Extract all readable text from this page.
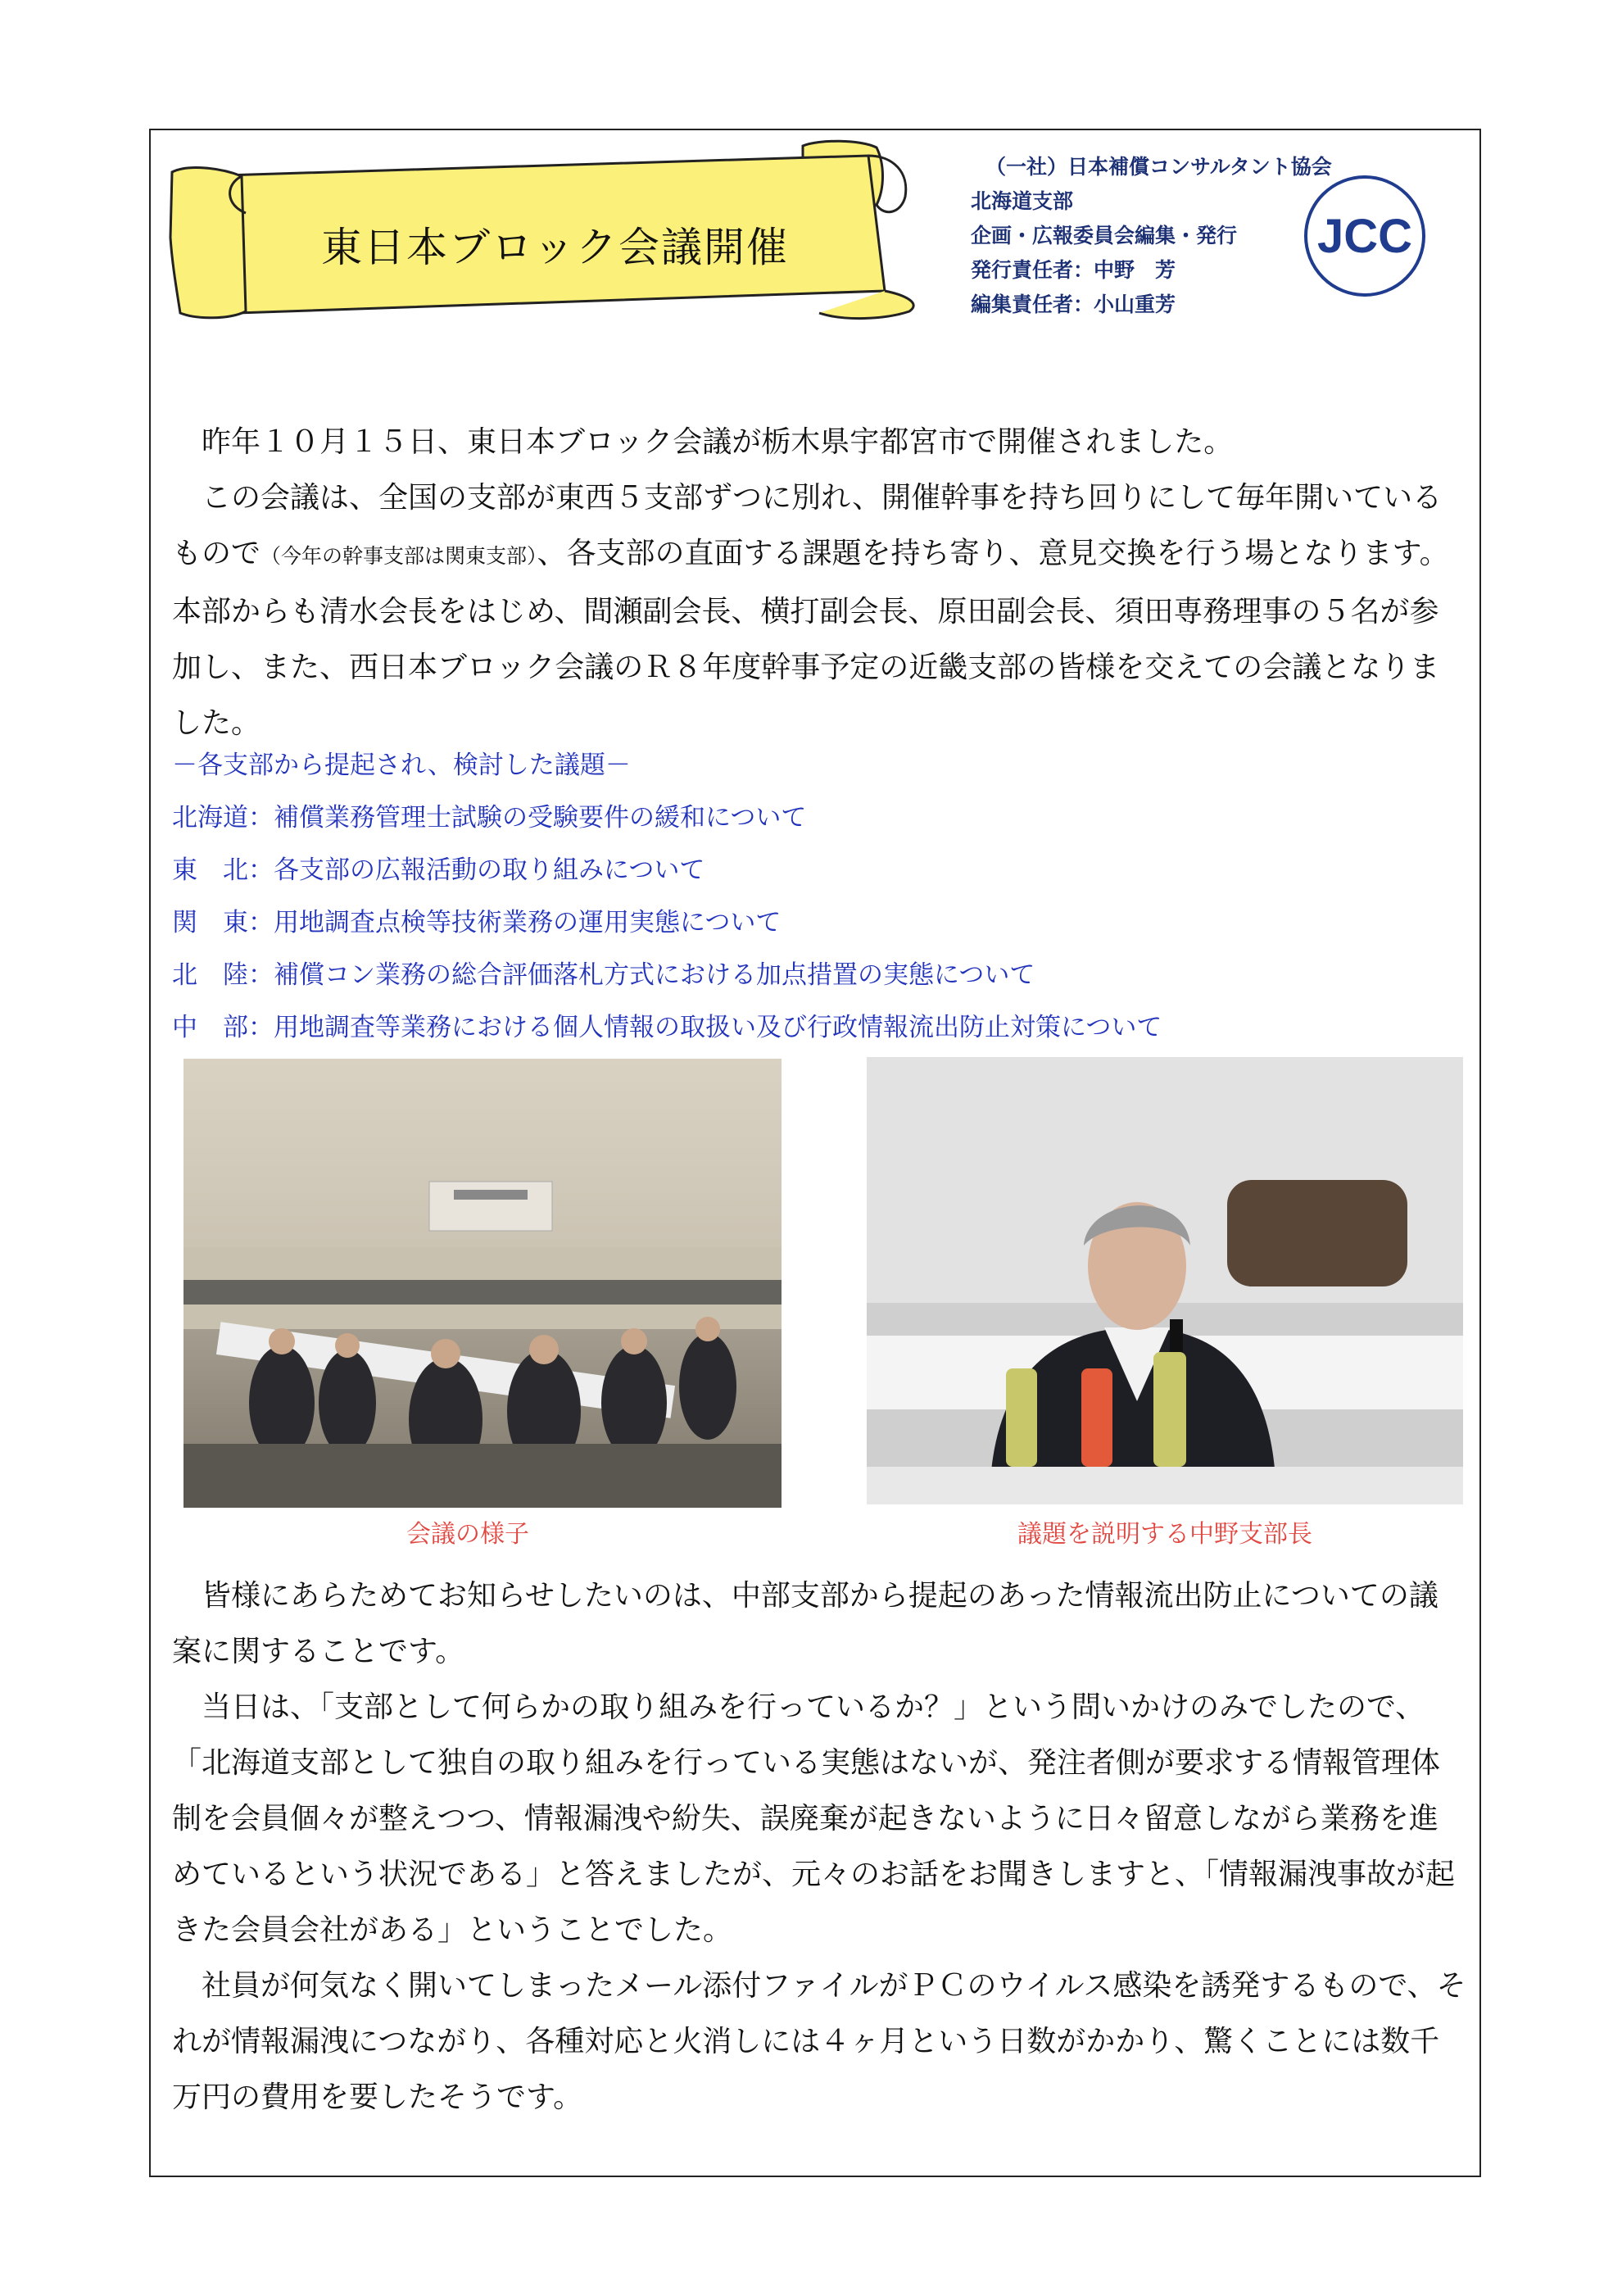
東日本ブロック会議開催
（一社）日本補償コンサルタント協会
北海道支部
企画・広報委員会編集・発行
発行責任者：中野　芳
編集責任者：小山重芳
JCC

昨年１０月１５日、東日本ブロック会議が栃木県宇都宮市で開催されました。

この会議は、全国の支部が東西５支部ずつに別れ、開催幹事を持ち回りにして毎年開いているもので（今年の幹事支部は関東支部）、各支部の直面する課題を持ち寄り、意見交換を行う場となります。本部からも清水会長をはじめ、間瀬副会長、横打副会長、原田副会長、須田専務理事の５名が参加し、また、西日本ブロック会議のＲ８年度幹事予定の近畿支部の皆様を交えての会議となりました。

－各支部から提起され、検討した議題－
北海道：補償業務管理士試験の受験要件の緩和について
東　北：各支部の広報活動の取り組みについて
関　東：用地調査点検等技術業務の運用実態について
北　陸：補償コン業務の総合評価落札方式における加点措置の実態について
中　部：用地調査等業務における個人情報の取扱い及び行政情報流出防止対策について
会議の様子	議題を説明する中野支部長

皆様にあらためてお知らせしたいのは、中部支部から提起のあった情報流出防止についての議案に関することです。

当日は、「支部として何らかの取り組みを行っているか？」という問いかけのみでしたので、「北海道支部として独自の取り組みを行っている実態はないが、発注者側が要求する情報管理体制を会員個々が整えつつ、情報漏洩や紛失、誤廃棄が起きないように日々留意しながら業務を進めているという状況である」と答えましたが、元々のお話をお聞きしますと、「情報漏洩事故が起きた会員会社がある」ということでした。

社員が何気なく開いてしまったメール添付ファイルがＰＣのウイルス感染を誘発するもので、それが情報漏洩につながり、各種対応と火消しには４ヶ月という日数がかかり、驚くことには数千万円の費用を要したそうです。
